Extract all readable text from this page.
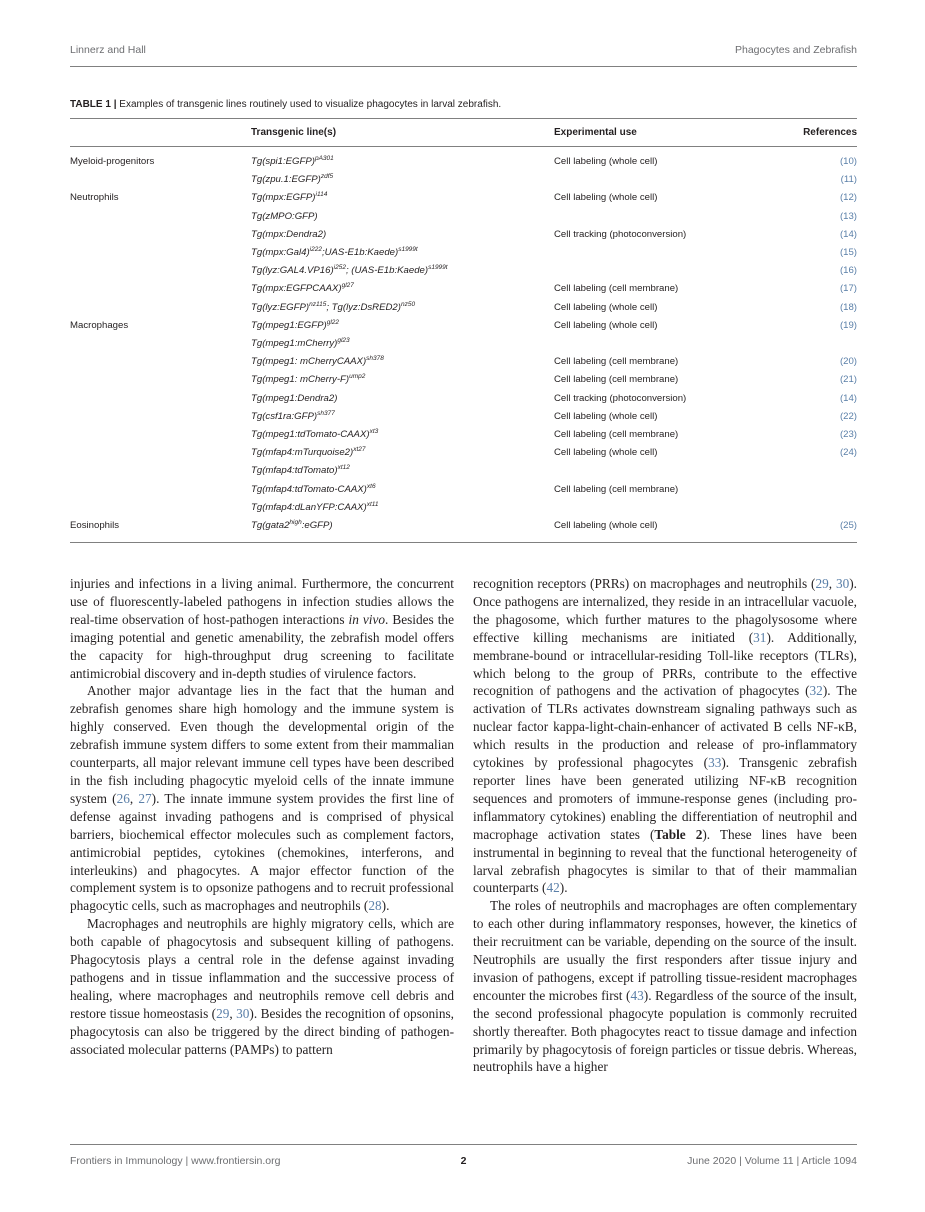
Linnerz and Hall	Phagocytes and Zebrafish
TABLE 1 | Examples of transgenic lines routinely used to visualize phagocytes in larval zebrafish.
Transgenic line(s)	Experimental use	References
Myeloid-progenitors	Tg(spi1:EGFP)$^{pA301}$	Cell labeling (whole cell)	(10)
Tg(zpu.1:EGFP)$^{zdf5}$	(11)
Neutrophils	Tg(mpx:EGFP)$^{i114}$	Cell labeling (whole cell)	(12)
Tg(zMPO:GFP)	(13)
Tg(mpx:Dendra2)	Cell tracking (photoconversion)	(14)
Tg(mpx:Gal4)$^{i222}$;UAS-E1b:Kaede)$^{s1999t}$	(15)
Tg(lyz:GAL4.VP16)$^{i252}$; (UAS-E1b:Kaede)$^{s1999t}$	(16)
Tg(mpx:EGFPCAAX)$^{gl27}$	Cell labeling (cell membrane)	(17)
Tg(lyz:EGFP)$^{nz115}$; Tg(lyz:DsRED2)$^{nz50}$	Cell labeling (whole cell)	(18)
Macrophages	Tg(mpeg1:EGFP)$^{gl22}$	Cell labeling (whole cell)	(19)
Tg(mpeg1:mCherry)$^{gl23}$
Tg(mpeg1: mCherryCAAX)$^{sh378}$	Cell labeling (cell membrane)	(20)
Tg(mpeg1: mCherry-F)$^{ump2}$	Cell labeling (cell membrane)	(21)
Tg(mpeg1:Dendra2)	Cell tracking (photoconversion)	(14)
Tg(csf1ra:GFP)$^{sh377}$	Cell labeling (whole cell)	(22)
Tg(mpeg1:tdTomato-CAAX)$^{xt3}$	Cell labeling (cell membrane)	(23)
Tg(mfap4:mTurquoise2)$^{xt27}$	Cell labeling (whole cell)	(24)
Tg(mfap4:tdTomato)$^{xt12}$
Tg(mfap4:tdTomato-CAAX)$^{xt6}$	Cell labeling (cell membrane)
Tg(mfap4:dLanYFP:CAAX)$^{xt11}$
Eosinophils	$Tg(gata2^{high}:eGFP)$	Cell labeling (whole cell)	(25)

injuries and infections in a living animal. Furthermore, the concurrent use of fluorescently-labeled pathogens in infection studies allows the real-time observation of host-pathogen interactions in vivo. Besides the imaging potential and genetic amenability, the zebrafish model offers the capacity for high-throughput drug screening to facilitate antimicrobial discovery and in-depth studies of virulence factors.

Another major advantage lies in the fact that the human and zebrafish genomes share high homology and the immune system is highly conserved. Even though the developmental origin of the zebrafish immune system differs to some extent from their mammalian counterparts, all major relevant immune cell types have been described in the fish including phagocytic myeloid cells of the innate immune system (26, 27). The innate immune system provides the first line of defense against invading pathogens and is comprised of physical barriers, biochemical effector molecules such as complement factors, antimicrobial peptides, cytokines (chemokines, interferons, and interleukins) and phagocytes. A major effector function of the complement system is to opsonize pathogens and to recruit professional phagocytic cells, such as macrophages and neutrophils (28).

Macrophages and neutrophils are highly migratory cells, which are both capable of phagocytosis and subsequent killing of pathogens. Phagocytosis plays a central role in the defense against invading pathogens and in tissue inflammation and the successive process of healing, where macrophages and neutrophils remove cell debris and restore tissue homeostasis (29, 30). Besides the recognition of opsonins, phagocytosis can also be triggered by the direct binding of pathogen-associated molecular patterns (PAMPs) to pattern

recognition receptors (PRRs) on macrophages and neutrophils (29, 30). Once pathogens are internalized, they reside in an intracellular vacuole, the phagosome, which further matures to the phagolysosome where effective killing mechanisms are initiated (31). Additionally, membrane-bound or intracellular-residing Toll-like receptors (TLRs), which belong to the group of PRRs, contribute to the effective recognition of pathogens and the activation of phagocytes (32). The activation of TLRs activates downstream signaling pathways such as nuclear factor kappa-light-chain-enhancer of activated B cells NF-κB, which results in the production and release of pro-inflammatory cytokines by professional phagocytes (33). Transgenic zebrafish reporter lines have been generated utilizing NF-κB recognition sequences and promoters of immune-response genes (including pro-inflammatory cytokines) enabling the differentiation of neutrophil and macrophage activation states (Table 2). These lines have been instrumental in beginning to reveal that the functional heterogeneity of larval zebrafish phagocytes is similar to that of their mammalian counterparts (42).

The roles of neutrophils and macrophages are often complementary to each other during inflammatory responses, however, the kinetics of their recruitment can be variable, depending on the source of the insult. Neutrophils are usually the first responders after tissue injury and invasion of pathogens, except if patrolling tissue-resident macrophages encounter the microbes first (43). Regardless of the source of the insult, the second professional phagocyte population is commonly recruited shortly thereafter. Both phagocytes react to tissue damage and infection primarily by phagocytosis of foreign particles or tissue debris. Whereas, neutrophils have a higher

Frontiers in Immunology | www.frontiersin.org	2	June 2020 | Volume 11 | Article 1094
